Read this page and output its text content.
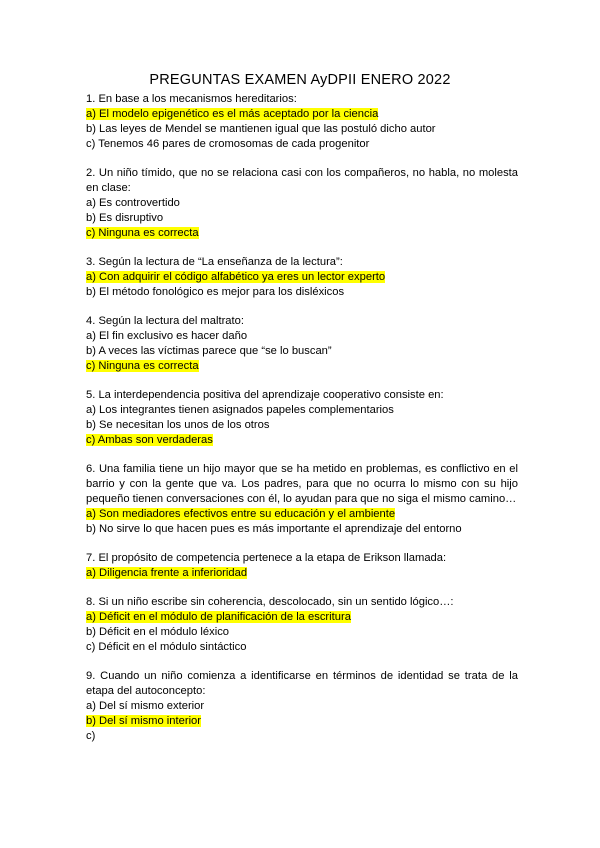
PREGUNTAS EXAMEN AyDPII ENERO 2022
1. En base a los mecanismos hereditarios:
a) El modelo epigenético es el más aceptado por la ciencia
b) Las leyes de Mendel se mantienen igual que las postuló dicho autor
c) Tenemos 46 pares de cromosomas de cada progenitor
2. Un niño tímido, que no se relaciona casi con los compañeros, no habla, no molesta en clase:
a) Es controvertido
b) Es disruptivo
c) Ninguna es correcta
3. Según la lectura de “La enseñanza de la lectura”:
a) Con adquirir el código alfabético ya eres un lector experto
b) El método fonológico es mejor para los disléxicos
4. Según la lectura del maltrato:
a) El fin exclusivo es hacer daño
b) A veces las víctimas parece que “se lo buscan”
c) Ninguna es correcta
5. La interdependencia positiva del aprendizaje cooperativo consiste en:
a) Los integrantes tienen asignados papeles complementarios
b) Se necesitan los unos de los otros
c) Ambas son verdaderas
6. Una familia tiene un hijo mayor que se ha metido en problemas, es conflictivo en el barrio y con la gente que va. Los padres, para que no ocurra lo mismo con su hijo pequeño tienen conversaciones con él, lo ayudan para que no siga el mismo camino…
a) Son mediadores efectivos entre su educación y el ambiente
b) No sirve lo que hacen pues es más importante el aprendizaje del entorno
7. El propósito de competencia pertenece a la etapa de Erikson llamada:
a) Diligencia frente a inferioridad
8. Si un niño escribe sin coherencia, descolocado, sin un sentido lógico…:
a) Déficit en el módulo de planificación de la escritura
b) Déficit en el módulo léxico
c) Déficit en el módulo sintáctico
9. Cuando un niño comienza a identificarse en términos de identidad se trata de la etapa del autoconcepto:
a) Del sí mismo exterior
b) Del sí mismo interior
c)
